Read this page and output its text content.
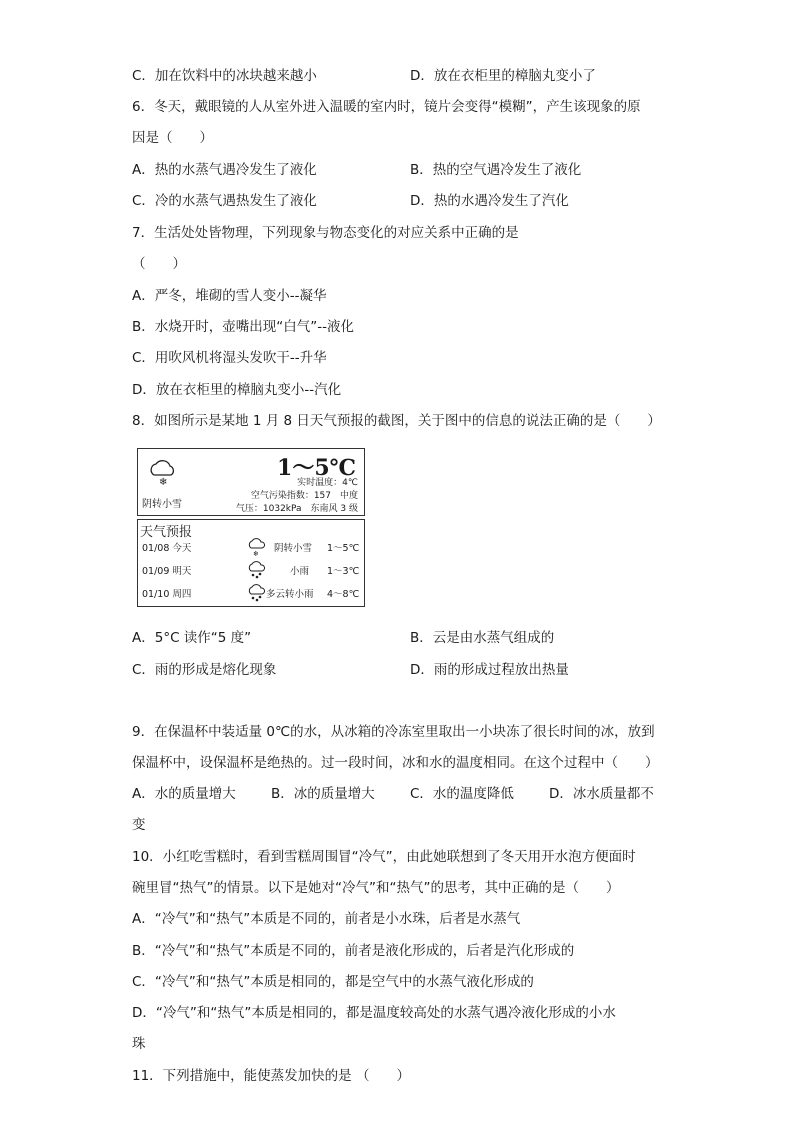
C．加在饮料中的冰块越来越小	D．放在衣柜里的樟脑丸变小了
6．冬天，戴眼镜的人从室外进入温暖的室内时，镜片会变得“模糊”，产生该现象的原
因是（　　）
A．热的水蒸气遇冷发生了液化	B．热的空气遇冷发生了液化
C．冷的水蒸气遇热发生了液化	D．热的水遇冷发生了汽化
7．生活处处皆物理，下列现象与物态变化的对应关系中正确的是
（　　）
A．严冬，堆砌的雪人变小--凝华
B．水烧开时，壶嘴出现“白气”--液化
C．用吹风机将湿头发吹干--升华
D．放在衣柜里的樟脑丸变小--汽化
8．如图所示是某地 1 月 8 日天气预报的截图，关于图中的信息的说法正确的是（　　）
❄
阴转小雪
1～5℃
实时温度：4℃
空气污染指数：157　中度
气压：1032kPa　东南风 3 级
天气预报
01/08 今天	❄ 阴转小雪 1～5℃
01/09 明天	小雨 1～3℃
01/10 周四	多云转小雨 4～8℃
A．5°C 读作“5 度”	B．云是由水蒸气组成的
C．雨的形成是熔化现象	D．雨的形成过程放出热量
9．在保温杯中装适量 0℃的水，从冰箱的冷冻室里取出一小块冻了很长时间的冰，放到
保温杯中，设保温杯是绝热的。过一段时间，冰和水的温度相同。在这个过程中（　　）
A．水的质量增大	B．冰的质量增大	C．水的温度降低	D．冰水质量都不
变
10．小红吃雪糕时，看到雪糕周围冒“冷气”，由此她联想到了冬天用开水泡方便面时
碗里冒“热气”的情景。以下是她对“冷气”和“热气”的思考，其中正确的是（　　）
A．“冷气”和“热气”本质是不同的，前者是小水珠，后者是水蒸气
B．“冷气”和“热气”本质是不同的，前者是液化形成的，后者是汽化形成的
C．“冷气”和“热气”本质是相同的，都是空气中的水蒸气液化形成的
D．“冷气”和“热气”本质是相同的，都是温度较高处的水蒸气遇冷液化形成的小水
珠
11．下列措施中，能使蒸发加快的是 （　　）
